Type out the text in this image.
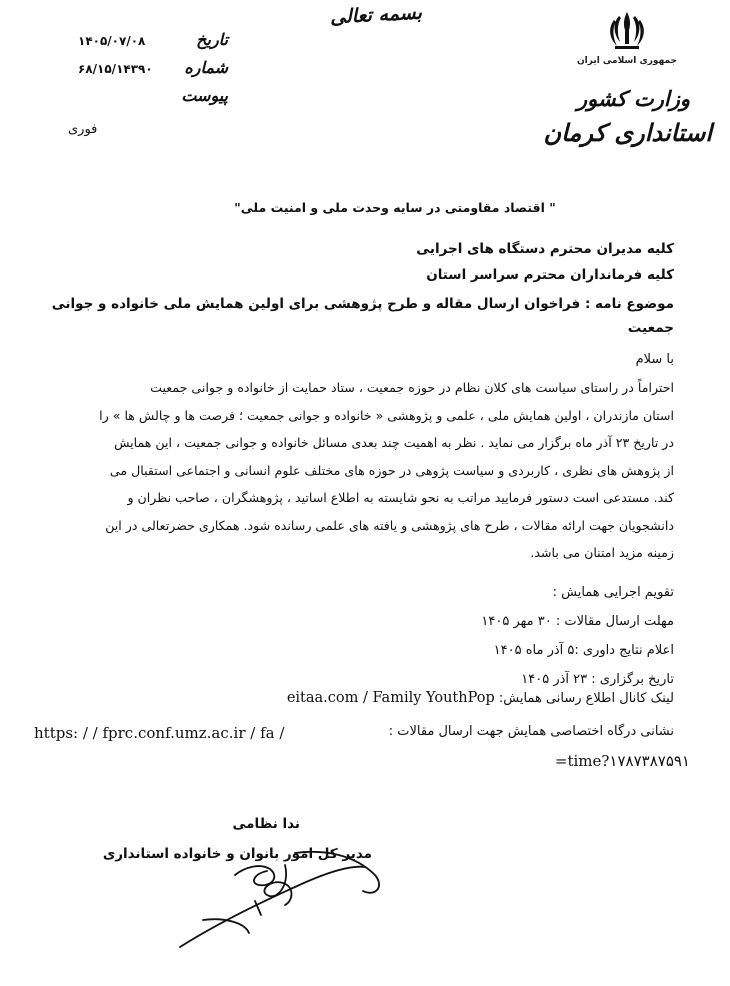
جمهوری اسلامی ایران
وزارت کشور
استانداری کرمان
بسمه تعالی
تاریخ
۱۴۰۵/۰۷/۰۸
شماره
۶۸/۱۵/۱۴۳۹۰
پیوست
فوری
" اقتصاد مقاومتی در سایه وحدت ملی و امنیت ملی"
کلیه مدیران محترم دستگاه های اجرایی
کلیه فرمانداران محترم سراسر استان
موضوع نامه : فراخوان ارسال مقاله و طرح پژوهشی برای اولین همایش ملی خانواده و جوانی جمعیت
با سلام
احتراماً در راستای سیاست های کلان نظام در حوزه جمعیت ، ستاد حمایت از خانواده و جوانی جمعیت
استان مازندران ، اولین همایش ملی ، علمی و پژوهشی « خانواده و جوانی جمعیت ؛ فرصت ها و چالش ها » را
در تاریخ ۲۳ آذر ماه برگزار می نماید . نظر به اهمیت چند بعدی مسائل خانواده و جوانی جمعیت ، این همایش
از پژوهش های نظری ، کاربردی و سیاست پژوهی در حوزه های مختلف علوم انسانی و اجتماعی استقبال می
کند. مستدعی است دستور فرمایید مراتب به نحو شایسته به اطلاع اساتید ، پژوهشگران ، صاحب نظران و
دانشجویان جهت ارائه مقالات ، طرح های پژوهشی و یافته های علمی رسانده شود. همکاری حضرتعالی در این
زمینه مزید امتنان می باشد.
تقویم اجرایی همایش :
مهلت ارسال مقالات : ۳۰ مهر ۱۴۰۵
اعلام نتایج داوری :۵ آذر ماه ۱۴۰۵
تاریخ برگزاری : ۲۳ آذر ۱۴۰۵
لینک کانال اطلاع رسانی همایش: eitaa.com / Family YouthPop
نشانی درگاه اختصاصی همایش جهت ارسال مقالات :
https: / / fprc.conf.umz.ac.ir / fa /
۱۷۸۷۳۸۷۵۹۱?time=
ندا نظامی
مدیر کل امور بانوان و خانواده استانداری
